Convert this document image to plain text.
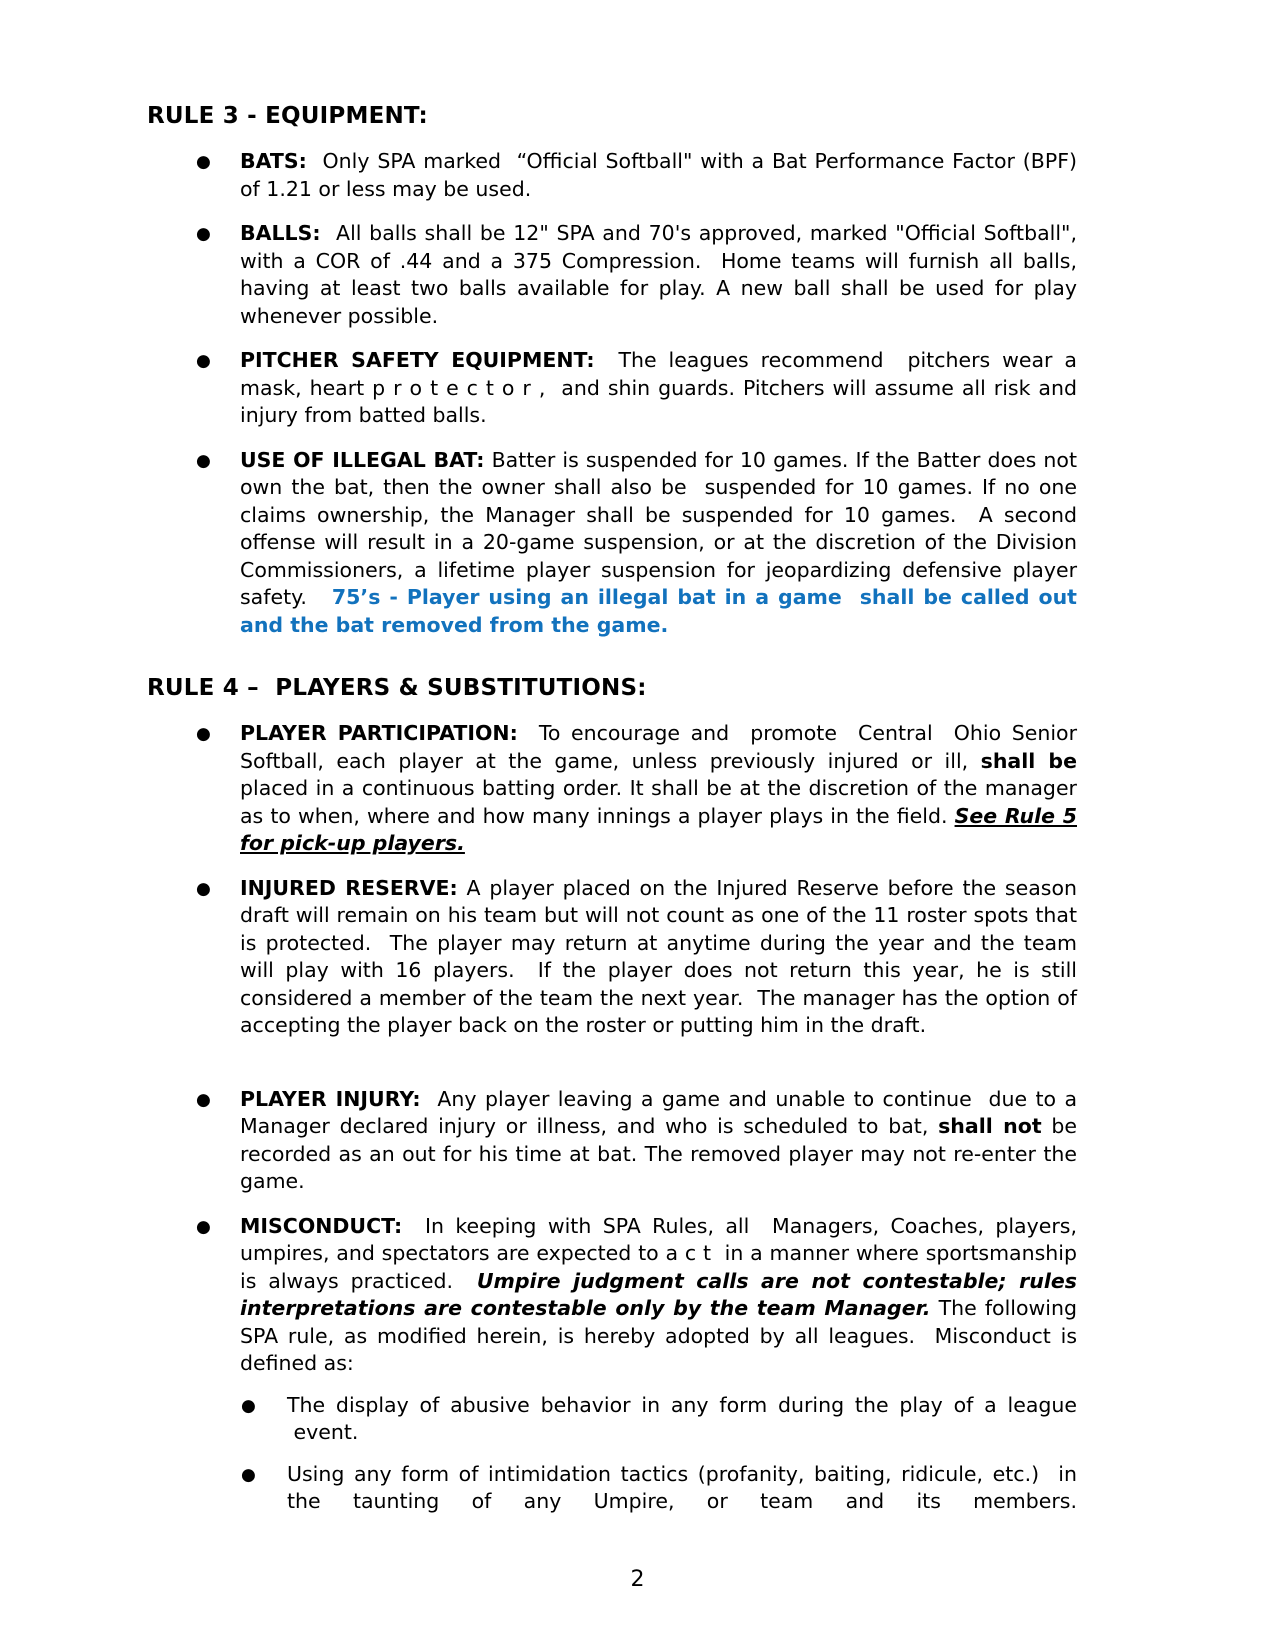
RULE 3 - EQUIPMENT:
● BATS:  Only SPA marked  “Official Softball" with a Bat Performance Factor (BPF) of 1.21 or less may be used.
● BALLS:  All balls shall be 12" SPA and 70's approved, marked "Official Softball", with a COR of .44 and a 375 Compression.  Home teams will furnish all balls, having at least two balls available for play. A new ball shall be used for play whenever possible.
● PITCHER SAFETY EQUIPMENT:  The leagues recommend  pitchers wear a mask, heart p r o t e c t o r ,  and shin guards. Pitchers will assume all risk and injury from batted balls.
● USE OF ILLEGAL BAT: Batter is suspended for 10 games. If the Batter does not own the bat, then the owner shall also be  suspended for 10 games. If no one claims ownership, the Manager shall be suspended for 10 games.  A second offense will result in a 20-game suspension, or at the discretion of the Division Commissioners, a lifetime player suspension for jeopardizing defensive player safety.   75’s - Player using an illegal bat in a game  shall be called out and the bat removed from the game.
RULE 4 –  PLAYERS & SUBSTITUTIONS:
● PLAYER PARTICIPATION:  To encourage and  promote  Central  Ohio Senior Softball, each player at the game, unless previously injured or ill, shall be placed in a continuous batting order. It shall be at the discretion of the manager as to when, where and how many innings a player plays in the field. See Rule 5 for pick-up players.
● INJURED RESERVE: A player placed on the Injured Reserve before the season draft will remain on his team but will not count as one of the 11 roster spots that is protected.  The player may return at anytime during the year and the team will play with 16 players.  If the player does not return this year, he is still considered a member of the team the next year.  The manager has the option of accepting the player back on the roster or putting him in the draft.
● PLAYER INJURY:  Any player leaving a game and unable to continue  due to a Manager declared injury or illness, and who is scheduled to bat, shall not be recorded as an out for his time at bat. The removed player may not re-enter the game.
● MISCONDUCT:  In keeping with SPA Rules, all  Managers, Coaches, players, umpires, and spectators are expected to a c t  in a manner where sportsmanship is always practiced.  Umpire judgment calls are not contestable; rules interpretations are contestable only by the team Manager. The following SPA rule, as modified herein, is hereby adopted by all leagues.  Misconduct is defined as:
● The display of abusive behavior in any form during the play of a league  event.
● Using any form of intimidation tactics (profanity, baiting, ridicule, etc.)  in the taunting of any Umpire, or team and its members.
2
